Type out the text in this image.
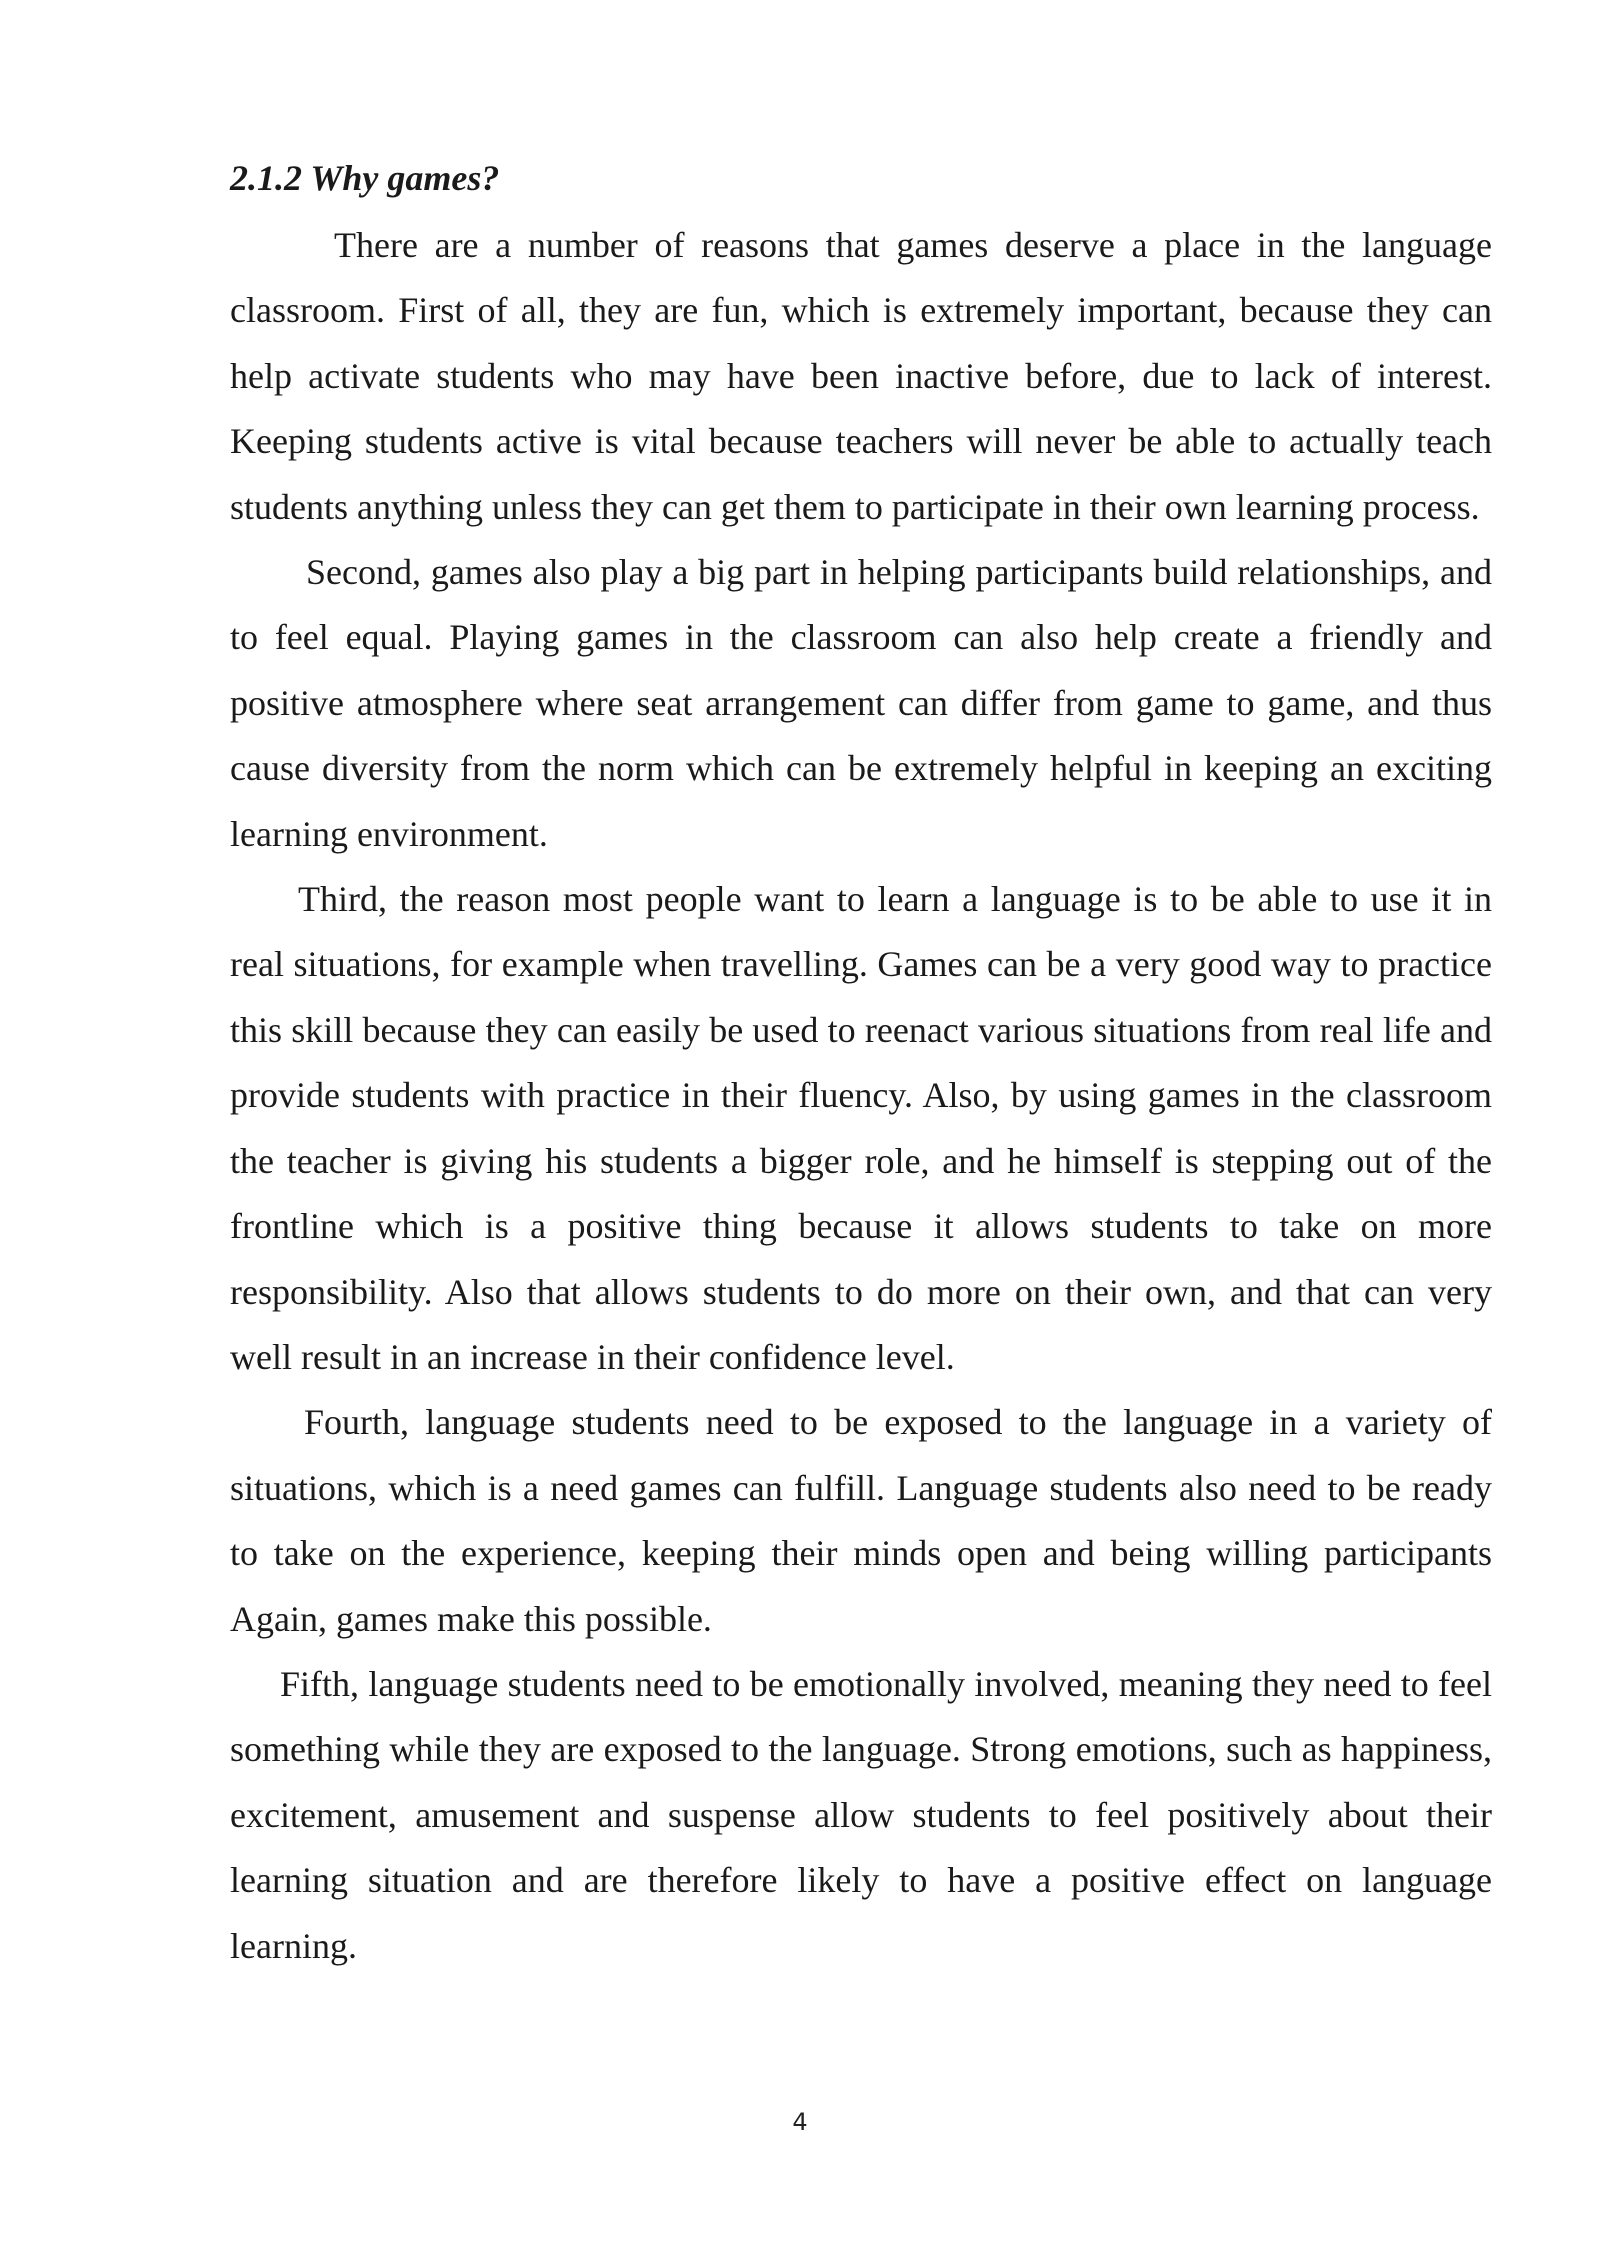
2.1.2 Why games?

There are a number of reasons that games deserve a place in the language classroom. First of all, they are fun, which is extremely important, because they can help activate students who may have been inactive before, due to lack of interest. Keeping students active is vital because teachers will never be able to actually teach students anything unless they can get them to participate in their own learning process.

Second, games also play a big part in helping participants build relationships, and to feel equal. Playing games in the classroom can also help create a friendly and positive atmosphere where seat arrangement can differ from game to game, and thus cause diversity from the norm which can be extremely helpful in keeping an exciting learning environment.

Third, the reason most people want to learn a language is to be able to use it in real situations, for example when travelling. Games can be a very good way to practice this skill because they can easily be used to reenact various situations from real life and provide students with practice in their fluency. Also, by using games in the classroom the teacher is giving his students a bigger role, and he himself is stepping out of the frontline which is a positive thing because it allows students to take on more responsibility. Also that allows students to do more on their own, and that can very well result in an increase in their confidence level.

Fourth, language students need to be exposed to the language in a variety of situations, which is a need games can fulfill. Language students also need to be ready to take on the experience, keeping their minds open and being willing participants Again, games make this possible.

Fifth, language students need to be emotionally involved, meaning they need to feel something while they are exposed to the language. Strong emotions, such as happiness, excitement, amusement and suspense allow students to feel positively about their learning situation and are therefore likely to have a positive effect on language learning.

4
